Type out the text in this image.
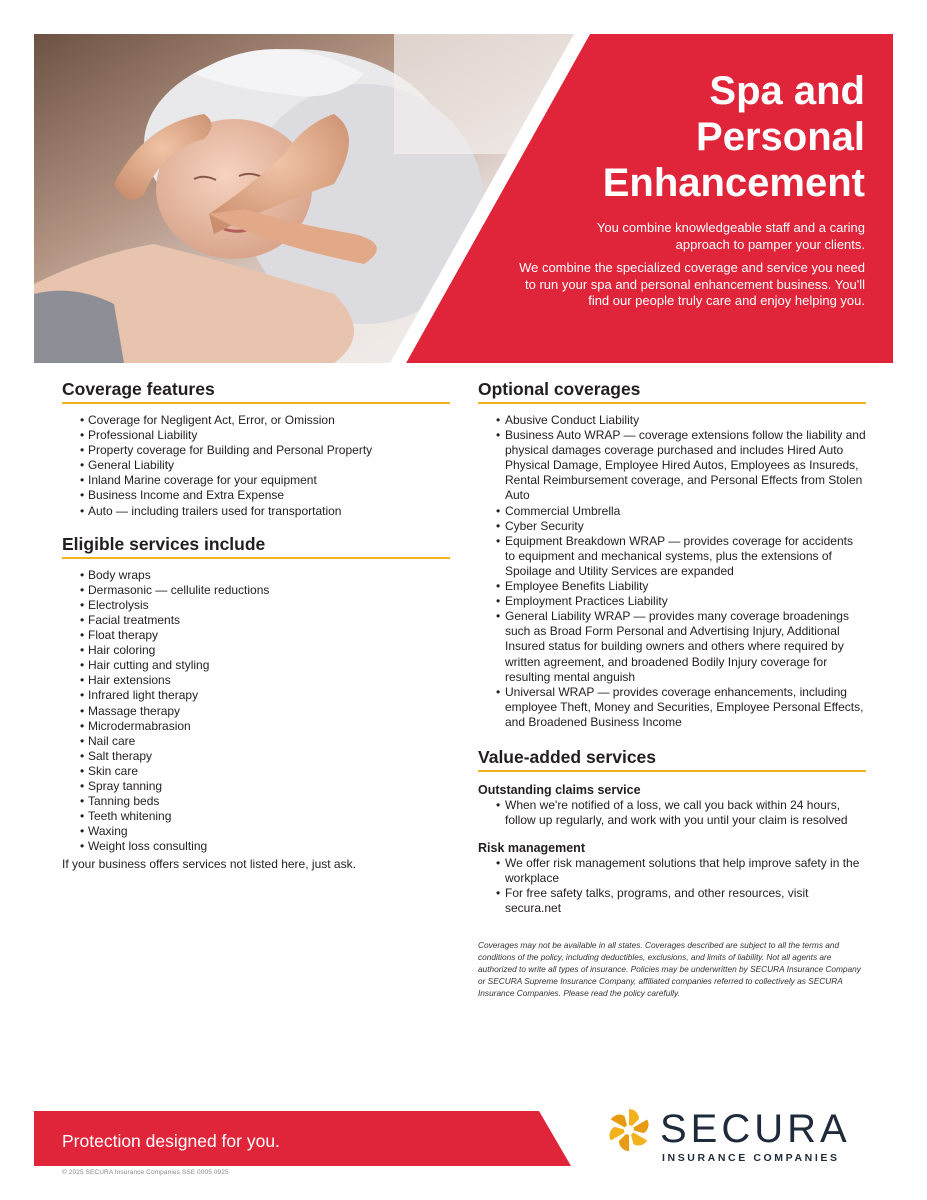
Spa and
Personal
Enhancement

You combine knowledgeable staff and a caring approach to pamper your clients.

We combine the specialized coverage and service you need to run your spa and personal enhancement business. You'll find our people truly care and enjoy helping you.

Coverage features
• Coverage for Negligent Act, Error, or Omission
• Professional Liability
• Property coverage for Building and Personal Property
• General Liability
• Inland Marine coverage for your equipment
• Business Income and Extra Expense
• Auto — including trailers used for transportation
Eligible services include
• Body wraps
• Dermasonic — cellulite reductions
• Electrolysis
• Facial treatments
• Float therapy
• Hair coloring
• Hair cutting and styling
• Hair extensions
• Infrared light therapy
• Massage therapy
• Microdermabrasion
• Nail care
• Salt therapy
• Skin care
• Spray tanning
• Tanning beds
• Teeth whitening
• Waxing
• Weight loss consulting

If your business offers services not listed here, just ask.

Optional coverages
• Abusive Conduct Liability
• Business Auto WRAP — coverage extensions follow the liability and physical damages coverage purchased and includes Hired Auto Physical Damage, Employee Hired Autos, Employees as Insureds, Rental Reimbursement coverage, and Personal Effects from Stolen Auto
• Commercial Umbrella
• Cyber Security
• Equipment Breakdown WRAP — provides coverage for accidents to equipment and mechanical systems, plus the extensions of Spoilage and Utility Services are expanded
• Employee Benefits Liability
• Employment Practices Liability
• General Liability WRAP — provides many coverage broadenings such as Broad Form Personal and Advertising Injury, Additional Insured status for building owners and others where required by written agreement, and broadened Bodily Injury coverage for resulting mental anguish
• Universal WRAP — provides coverage enhancements, including employee Theft, Money and Securities, Employee Personal Effects, and Broadened Business Income
Value-added services
Outstanding claims service
• When we're notified of a loss, we call you back within 24 hours, follow up regularly, and work with you until your claim is resolved
Risk management
• We offer risk management solutions that help improve safety in the workplace
• For free safety talks, programs, and other resources, visit secura.net

Coverages may not be available in all states. Coverages described are subject to all the terms and conditions of the policy, including deductibles, exclusions, and limits of liability. Not all agents are authorized to write all types of insurance. Policies may be underwritten by SECURA Insurance Company or SECURA Supreme Insurance Company, affiliated companies referred to collectively as SECURA Insurance Companies. Please read the policy carefully.

Protection designed for you.
© 2025 SECURA Insurance Companies SSE 0005 0925
SECURA
INSURANCE COMPANIES
